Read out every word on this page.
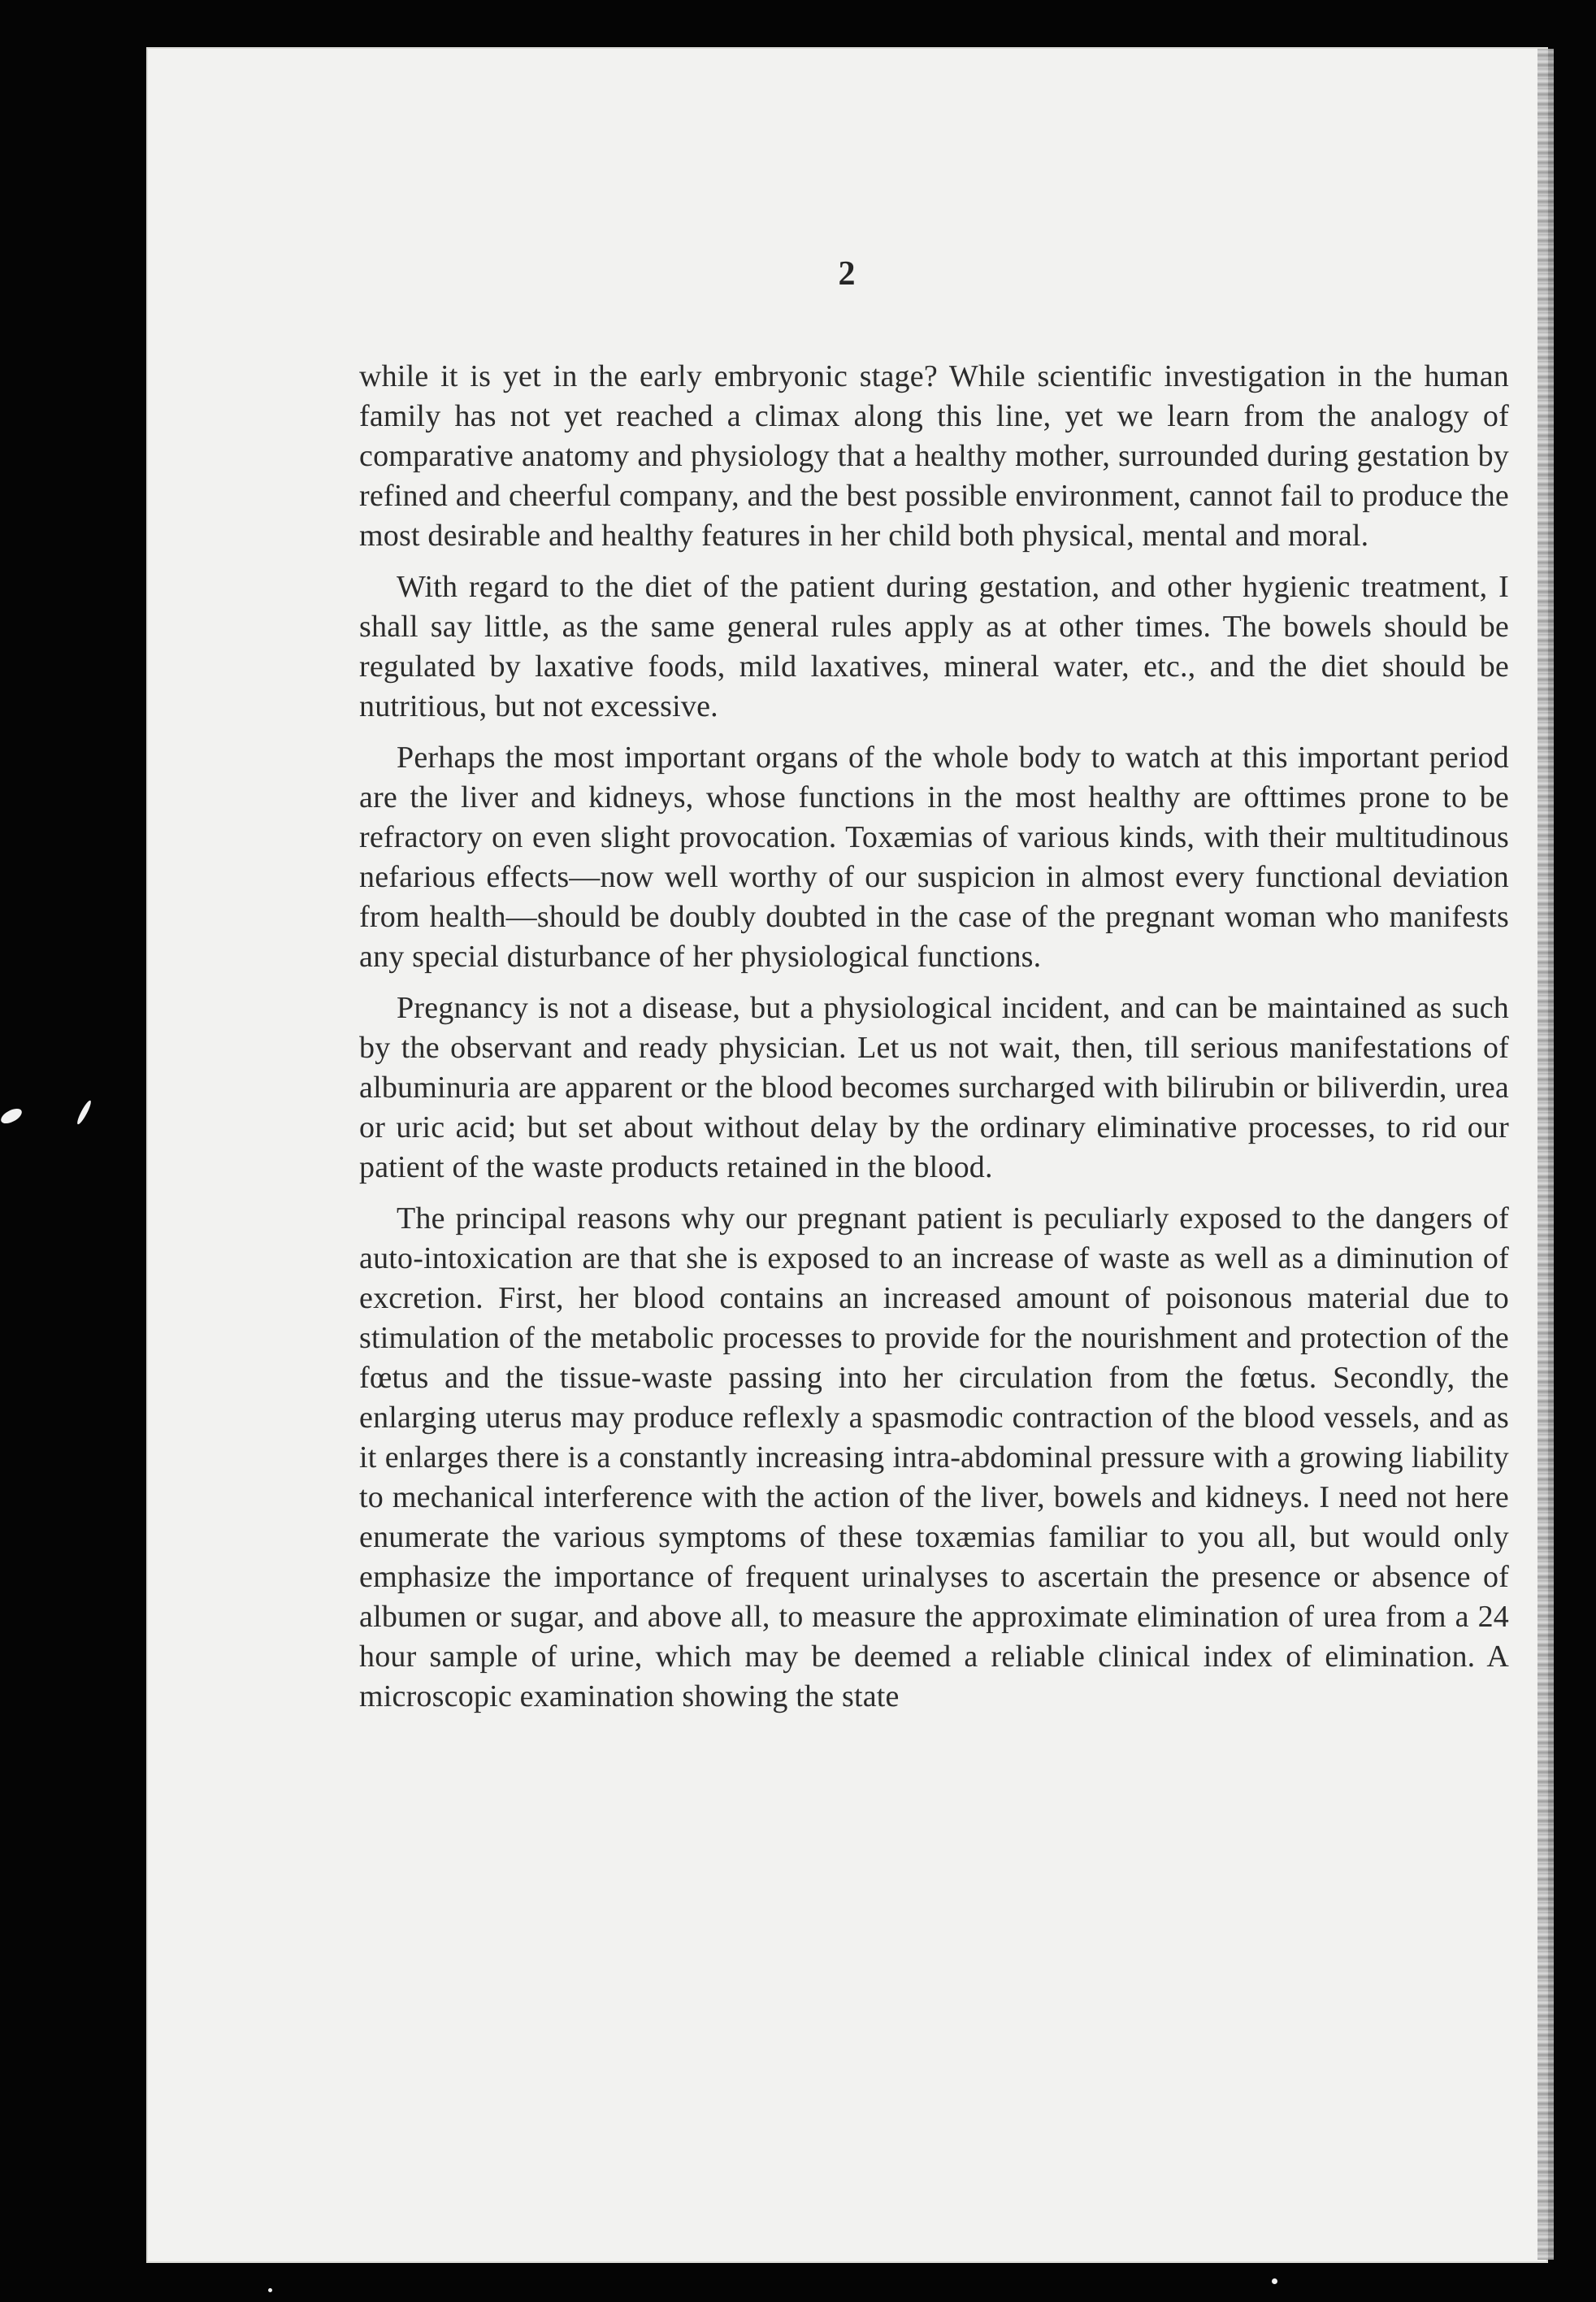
2

while it is yet in the early embryonic stage? While scientific investigation in the human family has not yet reached a climax along this line, yet we learn from the analogy of comparative anatomy and physiology that a healthy mother, surrounded during gestation by refined and cheerful company, and the best possible environment, cannot fail to produce the most desirable and healthy features in her child both physical, mental and moral.

With regard to the diet of the patient during gestation, and other hygienic treatment, I shall say little, as the same general rules apply as at other times. The bowels should be regulated by laxative foods, mild laxatives, mineral water, etc., and the diet should be nutritious, but not excessive.

Perhaps the most important organs of the whole body to watch at this important period are the liver and kidneys, whose functions in the most healthy are ofttimes prone to be refractory on even slight provocation. Toxæmias of various kinds, with their multitudinous nefarious effects—now well worthy of our suspicion in almost every functional deviation from health—should be doubly doubted in the case of the pregnant woman who manifests any special disturbance of her physiological functions.

Pregnancy is not a disease, but a physiological incident, and can be maintained as such by the observant and ready physician. Let us not wait, then, till serious manifestations of albuminuria are apparent or the blood becomes surcharged with bilirubin or biliverdin, urea or uric acid; but set about without delay by the ordinary eliminative processes, to rid our patient of the waste products retained in the blood.

The principal reasons why our pregnant patient is peculiarly exposed to the dangers of auto-intoxication are that she is exposed to an increase of waste as well as a diminution of excretion. First, her blood contains an increased amount of poisonous material due to stimulation of the metabolic processes to provide for the nourishment and protection of the fœtus and the tissue-waste passing into her circulation from the fœtus. Secondly, the enlarging uterus may produce reflexly a spasmodic contraction of the blood vessels, and as it enlarges there is a constantly increasing intra-abdominal pressure with a growing liability to mechanical interference with the action of the liver, bowels and kidneys. I need not here enumerate the various symptoms of these toxæmias familiar to you all, but would only emphasize the importance of frequent urinalyses to ascertain the presence or absence of albumen or sugar, and above all, to measure the approximate elimination of urea from a 24 hour sample of urine, which may be deemed a reliable clinical index of elimination. A microscopic examination showing the state
